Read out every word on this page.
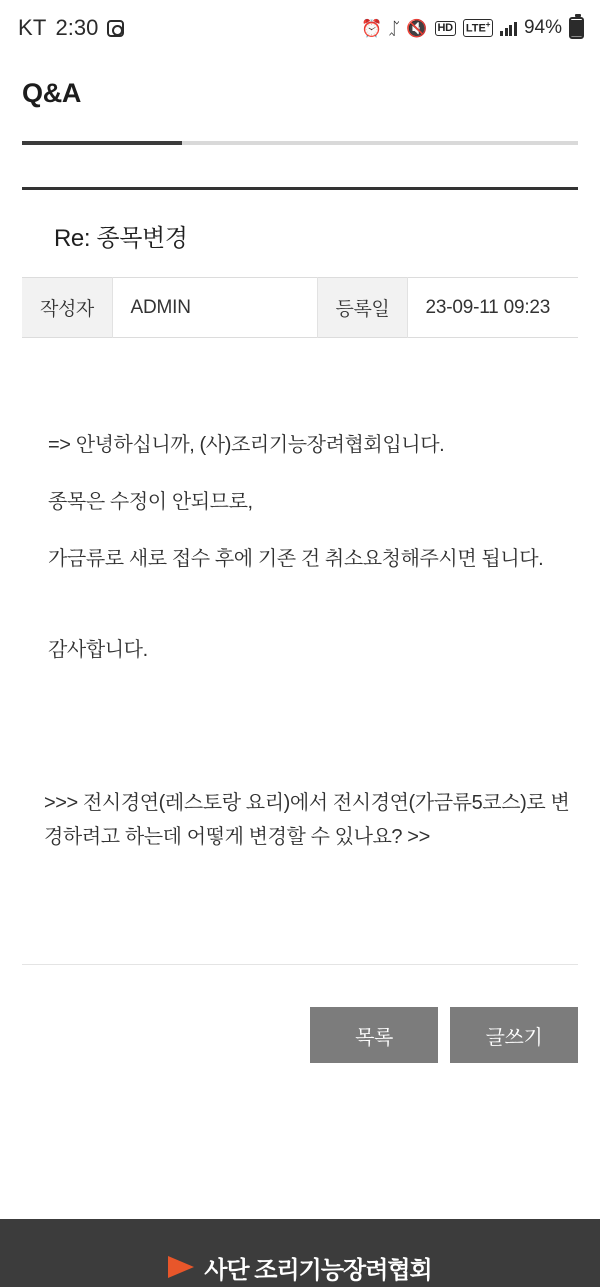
KT 2:30	⏰ ᛢ 🔇 HD LTE+ 94%
Q&A
Re: 종목변경
작성자	ADMIN	등록일	23-09-11 09:23

=> 안녕하십니까, (사)조리기능장려협회입니다.

종목은 수정이 안되므로,

가금류로 새로 접수 후에 기존 건 취소요청해주시면 됩니다.

감사합니다.

>>> 전시경연(레스토랑 요리)에서 전시경연(가금류5코스)로 변경하려고 하는데 어떻게 변경할 수 있나요? >>
목록	글쓰기
사단 조리기능장려협회
